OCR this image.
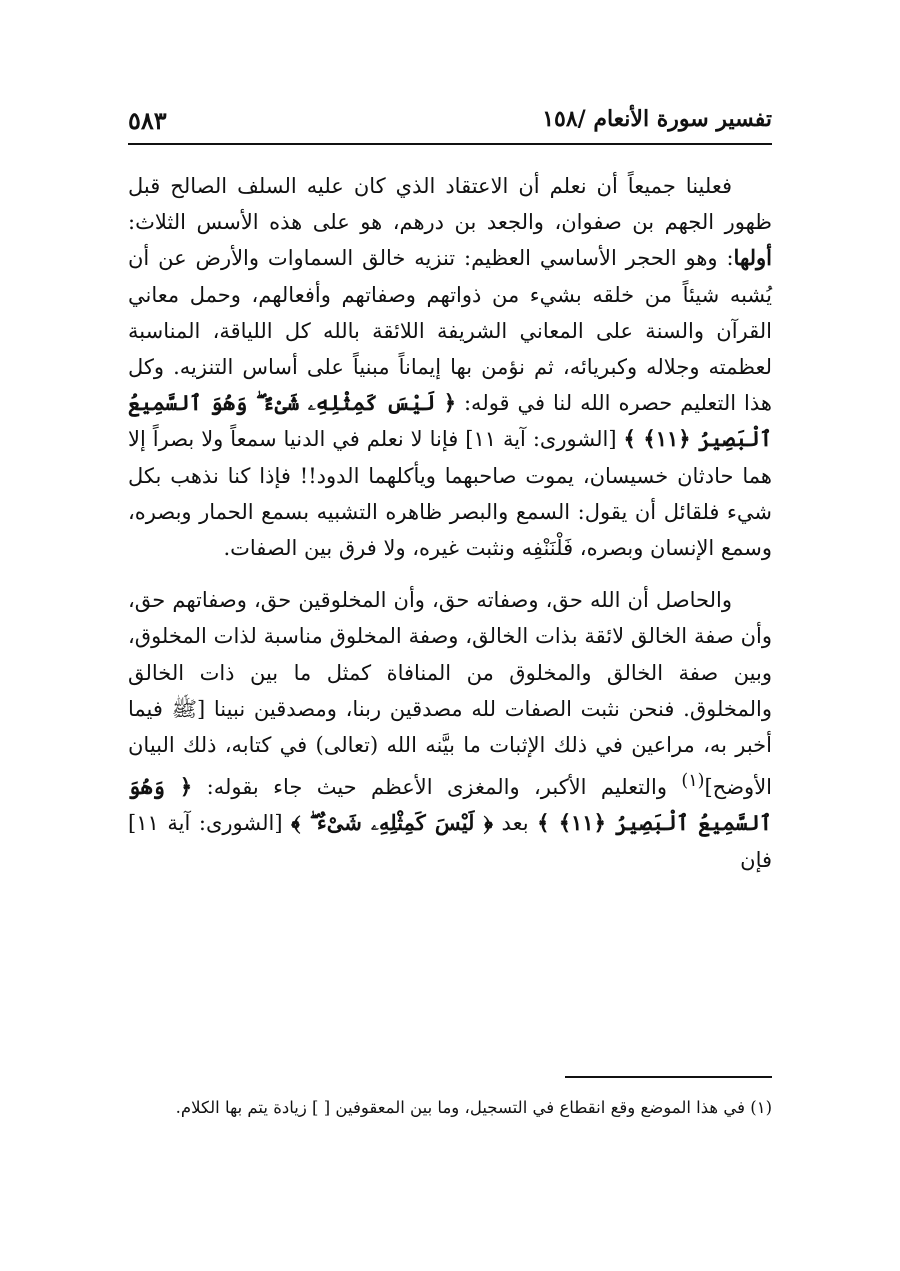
٥٨٣	تفسير سورة الأنعام /١٥٨

فعلينا جميعاً أن نعلم أن الاعتقاد الذي كان عليه السلف الصالح قبل ظهور الجهم بن صفوان، والجعد بن درهم، هو على هذه الأسس الثلاث: أولها: وهو الحجر الأساسي العظيم: تنزيه خالق السماوات والأرض عن أن يُشبه شيئاً من خلقه بشيء من ذواتهم وصفاتهم وأفعالهم، وحمل معاني القرآن والسنة على المعاني الشريفة اللائقة بالله كل اللياقة، المناسبة لعظمته وجلاله وكبريائه، ثم نؤمن بها إيماناً مبنياً على أساس التنزيه. وكل هذا التعليم حصره الله لنا في قوله: ﴿ لَيْسَ كَمِثْلِهِۦ شَىْءٌ ۖ وَهُوَ ٱلسَّمِيعُ ٱلْبَصِيرُ ﴿١١﴾ ﴾ [الشورى: آية ١١] فإنا لا نعلم في الدنيا سمعاً ولا بصراً إلا هما حادثان خسيسان، يموت صاحبهما ويأكلهما الدود!! فإذا كنا نذهب بكل شيء فلقائل أن يقول: السمع والبصر ظاهره التشبيه بسمع الحمار وبصره، وسمع الإنسان وبصره، فَلْنَنْفِه ونثبت غيره، ولا فرق بين الصفات.

والحاصل أن الله حق، وصفاته حق، وأن المخلوقين حق، وصفاتهم حق، وأن صفة الخالق لائقة بذات الخالق، وصفة المخلوق مناسبة لذات المخلوق، وبين صفة الخالق والمخلوق من المنافاة كمثل ما بين ذات الخالق والمخلوق. فنحن نثبت الصفات لله مصدقين ربنا، ومصدقين نبينا [ﷺ فيما أخبر به، مراعين في ذلك الإثبات ما بيَّنه الله (تعالى) في كتابه، ذلك البيان الأوضح]$^{(١)}$ والتعليم الأكبر، والمغزى الأعظم حيث جاء بقوله: ﴿ وَهُوَ ٱلسَّمِيعُ ٱلْبَصِيرُ ﴿١١﴾ ﴾ بعد ﴿ لَيْسَ كَمِثْلِهِۦ شَىْءٌ ۖ ﴾ [الشورى: آية ١١] فإن

(١) في هذا الموضع وقع انقطاع في التسجيل، وما بين المعقوفين [ ] زيادة يتم بها الكلام.
